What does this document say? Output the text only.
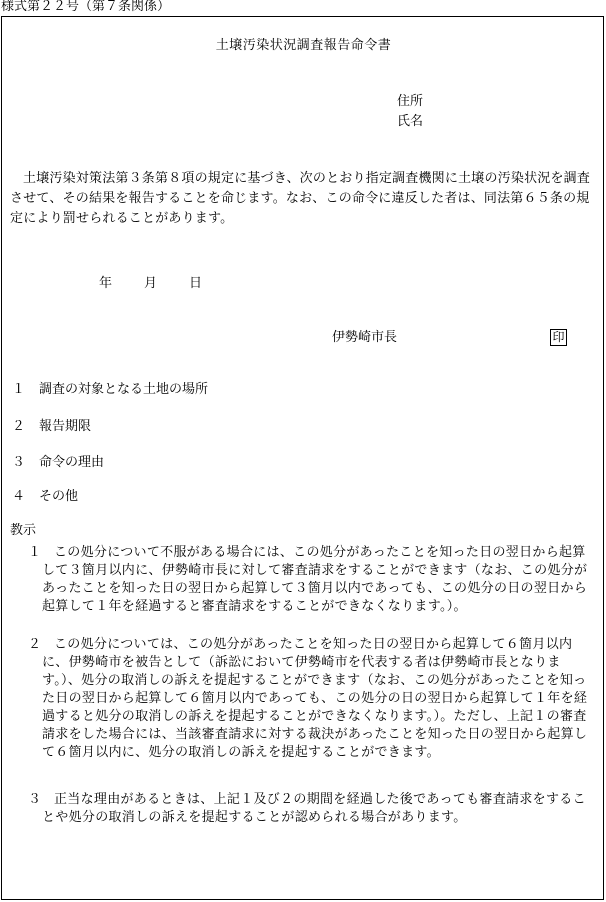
様式第２２号（第７条関係）
土壌汚染状況調査報告命令書
住所
氏名
土壌汚染対策法第３条第８項の規定に基づき、次のとおり指定調査機関に土壌の汚染状況を調査させて、その結果を報告することを命じます。なお、この命令に違反した者は、同法第６５条の規定により罰せられることがあります。
年 月 日
伊勢崎市長	印
１ 調査の対象となる土地の場所
２ 報告期限
３ 命令の理由
４ その他
教示
１ この処分について不服がある場合には、この処分があったことを知った日の翌日から起算して３箇月以内に、伊勢崎市長に対して審査請求をすることができます（なお、この処分があったことを知った日の翌日から起算して３箇月以内であっても、この処分の日の翌日から起算して１年を経過すると審査請求をすることができなくなります。）。
２ この処分については、この処分があったことを知った日の翌日から起算して６箇月以内に、伊勢崎市を被告として（訴訟において伊勢崎市を代表する者は伊勢崎市長となります。）、処分の取消しの訴えを提起することができます（なお、この処分があったことを知った日の翌日から起算して６箇月以内であっても、この処分の日の翌日から起算して１年を経過すると処分の取消しの訴えを提起することができなくなります。）。ただし、上記１の審査請求をした場合には、当該審査請求に対する裁決があったことを知った日の翌日から起算して６箇月以内に、処分の取消しの訴えを提起することができます。
３ 正当な理由があるときは、上記１及び２の期間を経過した後であっても審査請求をすることや処分の取消しの訴えを提起することが認められる場合があります。
